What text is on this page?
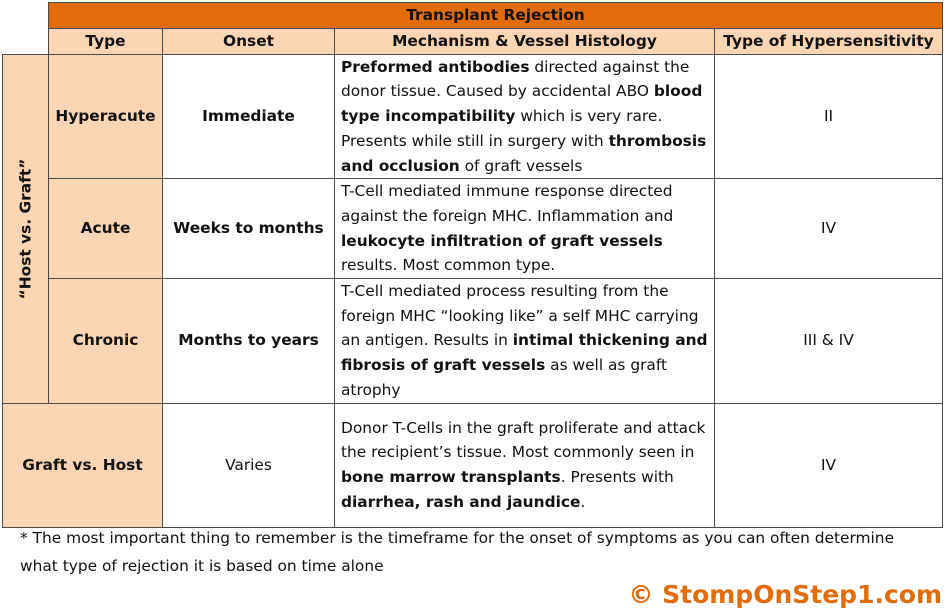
	Transplant Rejection			
	Type	Onset	Mechanism & Vessel Histology	Type of Hypersensitivity

“Host vs. Graft”	Hyperacute	Immediate	Preformed antibodies directed against the donor tissue. Caused by accidental ABO blood type incompatibility which is very rare. Presents while still in surgery with thrombosis and occlusion of graft vessels	II
	Acute	Weeks to months	T-Cell mediated immune response directed against the foreign MHC. Inflammation and leukocyte infiltration of graft vessels results. Most common type.	IV
	Chronic	Months to years	T-Cell mediated process resulting from the foreign MHC “looking like” a self MHC carrying an antigen. Results in intimal thickening and fibrosis of graft vessels as well as graft atrophy	III & IV
Graft vs. Host		Varies	Donor T-Cells in the graft proliferate and attack the recipient’s tissue. Most commonly seen in bone marrow transplants. Presents with diarrhea, rash and jaundice.	IV
* The most important thing to remember is the timeframe for the onset of symptoms as you can often determine what type of rejection it is based on time alone
© StompOnStep1.com
